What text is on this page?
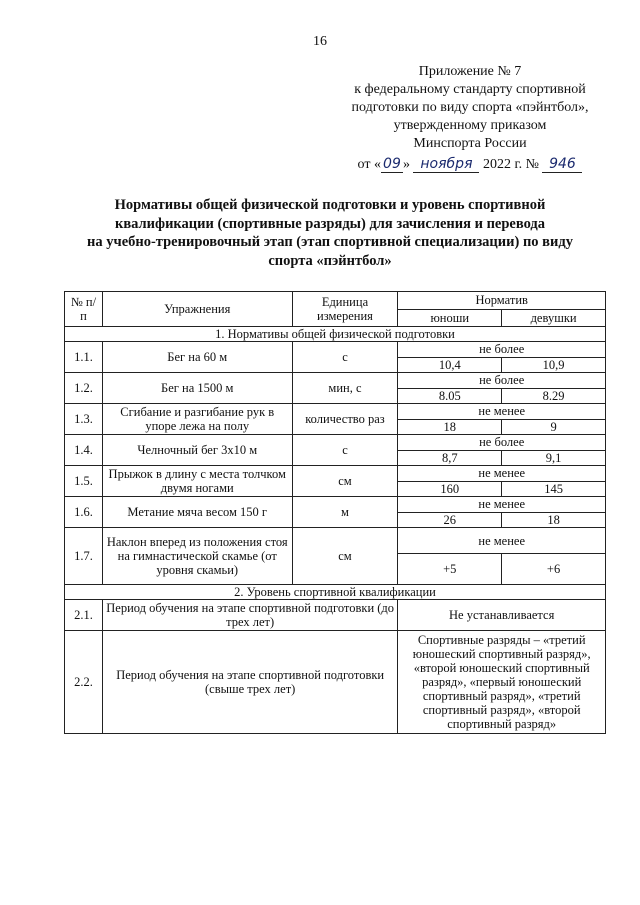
16
Приложение № 7
к федеральному стандарту спортивной
подготовки по виду спорта «пэйнтбол»,
утвержденному приказом
Минспорта России
от « 09 » ноября 2022 г. № 946
Нормативы общей физической подготовки и уровень спортивной
квалификации (спортивные разряды) для зачисления и перевода
на учебно-тренировочный этап (этап спортивной специализации) по виду
спорта «пэйнтбол»
№ п/п	Упражнения	Единица измерения	Норматив	
			юноши	девушки
1. Нормативы общей физической подготовки				
1.1.	Бег на 60 м	с	не более	
			10,4	10,9
1.2.	Бег на 1500 м	мин, с	не более	
			8.05	8.29
1.3.	Сгибание и разгибание рук в упоре лежа на полу	количество раз	не менее	
			18	9
1.4.	Челночный бег 3x10 м	с	не более	
			8,7	9,1
1.5.	Прыжок в длину с места толчком двумя ногами	см	не менее	
			160	145
1.6.	Метание мяча весом 150 г	м	не менее	
			26	18
1.7.	Наклон вперед из положения стоя на гимнастической скамье (от уровня скамьи)	см	не менее	
			+5	+6
2. Уровень спортивной квалификации				
2.1.	Период обучения на этапе спортивной подготовки (до трех лет)		Не устанавливается	
2.2.	Период обучения на этапе спортивной подготовки (свыше трех лет)		Спортивные разряды – «третий юношеский спортивный разряд», «второй юношеский спортивный разряд», «первый юношеский спортивный разряд», «третий спортивный разряд», «второй спортивный разряд»	
